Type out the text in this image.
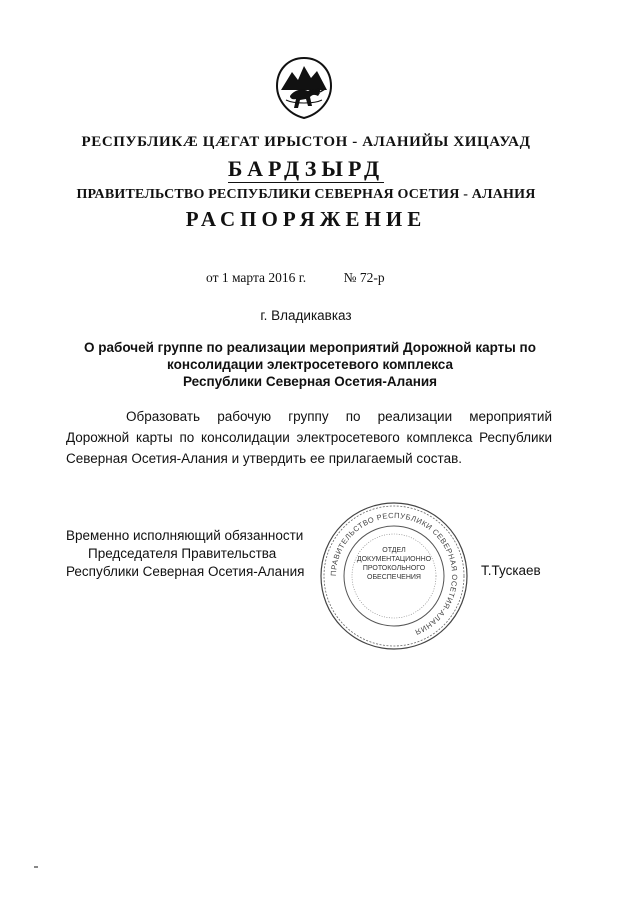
РЕСПУБЛИКӔ ЦӔГАТ ИРЫСТОН - АЛАНИЙЫ ХИЦАУАД
БАРДЗЫРД
ПРАВИТЕЛЬСТВО РЕСПУБЛИКИ СЕВЕРНАЯ ОСЕТИЯ - АЛАНИЯ
РАСПОРЯЖЕНИЕ
от 1 марта 2016 г.	№ 72-р
г. Владикавказ
О рабочей группе по реализации мероприятий Дорожной карты по
консолидации электросетевого комплекса
Республики Северная Осетия-Алания
Образовать рабочую группу по реализации мероприятий Дорожной карты по консолидации электросетевого комплекса Республики Северная Осетия-Алания и утвердить ее прилагаемый состав.
Временно исполняющий обязанности
Председателя Правительства
Республики Северная Осетия-Алания	ПРАВИТЕЛЬСТВО РЕСПУБЛИКИ СЕВЕРНАЯ ОСЕТИЯ-АЛАНИЯ
ОТДЕЛ
ДОКУМЕНТАЦИОННО
ПРОТОКОЛЬНОГО
ОБЕСПЕЧЕНИЯ	Т.Тускаев
